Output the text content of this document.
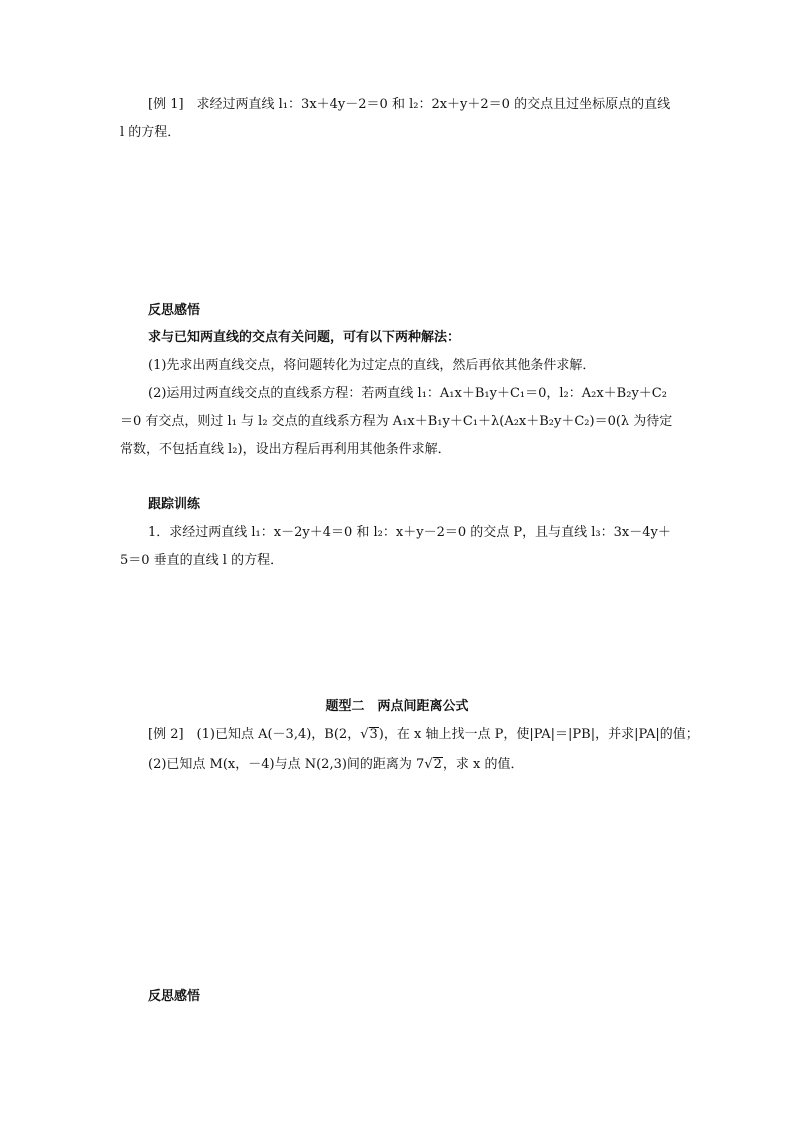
[例 1]　求经过两直线 l₁：3x＋4y－2＝0 和 l₂：2x＋y＋2＝0 的交点且过坐标原点的直线
l 的方程．
反思感悟
求与已知两直线的交点有关问题，可有以下两种解法：
(1)先求出两直线交点，将问题转化为过定点的直线，然后再依其他条件求解．
(2)运用过两直线交点的直线系方程：若两直线 l₁：A₁x＋B₁y＋C₁＝0，l₂：A₂x＋B₂y＋C₂
＝0 有交点，则过 l₁ 与 l₂ 交点的直线系方程为 A₁x＋B₁y＋C₁＋λ(A₂x＋B₂y＋C₂)＝0(λ 为待定
常数，不包括直线 l₂)，设出方程后再利用其他条件求解．
跟踪训练
1．求经过两直线 l₁：x－2y＋4＝0 和 l₂：x＋y－2＝0 的交点 P，且与直线 l₃：3x－4y＋
5＝0 垂直的直线 l 的方程．
题型二　两点间距离公式
[例 2]　(1)已知点 A(－3,4)，B(2，√3)，在 x 轴上找一点 P，使|PA|＝|PB|，并求|PA|的值；
(2)已知点 M(x，－4)与点 N(2,3)间的距离为 7√2，求 x 的值．
反思感悟
